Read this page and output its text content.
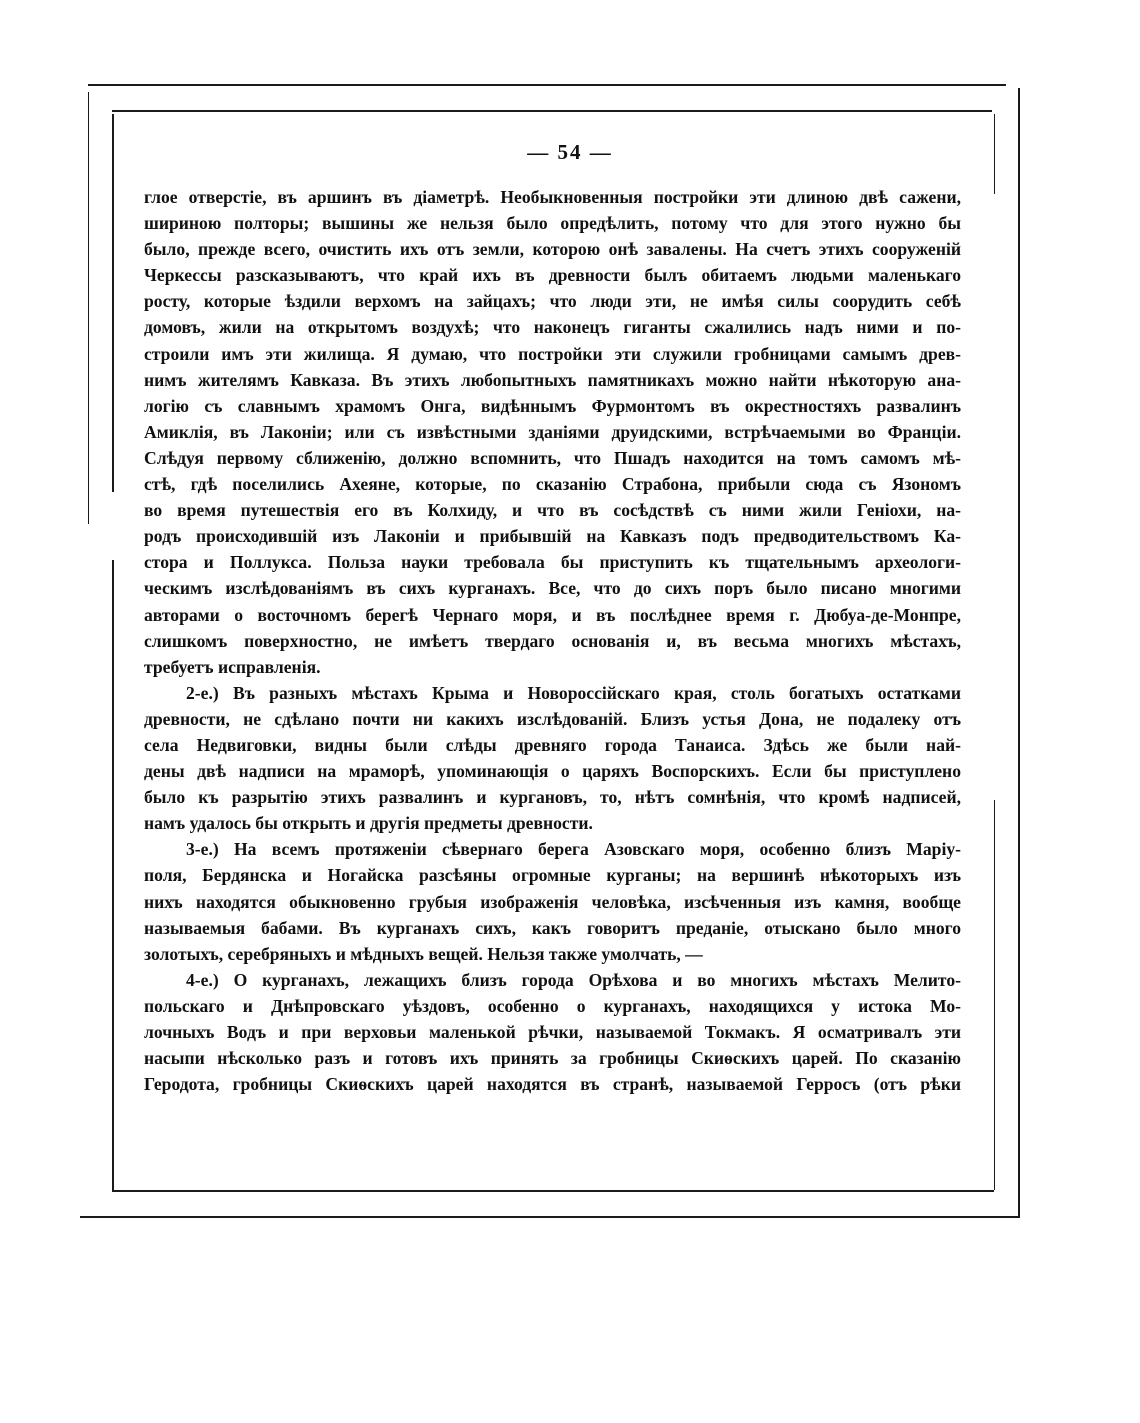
— 54 —

глое отверстіе, въ аршинъ въ діаметрѣ. Необыкновенныя постройки эти длиною двѣ сажени,
шириною полторы; вышины же нельзя было опредѣлить, потому что для этого нужно бы
было, прежде всего, очистить ихъ отъ земли, которою онѣ завалены. На счетъ этихъ сооруженій
Черкессы разсказываютъ, что край ихъ въ древности былъ обитаемъ людьми маленькаго
росту, которые ѣздили верхомъ на зайцахъ; что люди эти, не имѣя силы соорудить себѣ
домовъ, жили на открытомъ воздухѣ; что наконецъ гиганты сжалились надъ ними и по-
строили имъ эти жилища. Я думаю, что постройки эти служили гробницами самымъ древ-
нимъ жителямъ Кавказа. Въ этихъ любопытныхъ памятникахъ можно найти нѣкоторую ана-
логію съ славнымъ храмомъ Онга, видѣннымъ Фурмонтомъ въ окрестностяхъ развалинъ
Амиклія, въ Лаконіи; или съ извѣстными зданіями друидскими, встрѣчаемыми во Франціи.
Слѣдуя первому сближенію, должно вспомнить, что Пшадъ находится на томъ самомъ мѣ-
стѣ, гдѣ поселились Ахеяне, которые, по сказанію Страбона, прибыли сюда съ Язономъ
во время путешествія его въ Колхиду, и что въ сосѣдствѣ съ ними жили Геніохи, на-
родъ происходившій изъ Лаконіи и прибывшій на Кавказъ подъ предводительствомъ Ка-
стора и Поллукса. Польза науки требовала бы приступить къ тщательнымъ археологи-
ческимъ изслѣдованіямъ въ сихъ курганахъ. Все, что до сихъ поръ было писано многими
авторами о восточномъ берегѣ Чернаго моря, и въ послѣднее время г. Дюбуа-де-Монпре,
слишкомъ поверхностно, не имѣетъ твердаго основанія и, въ весьма многихъ мѣстахъ,
требуетъ исправленія.

2-е.) Въ разныхъ мѣстахъ Крыма и Новороссійскаго края, столь богатыхъ остатками
древности, не сдѣлано почти ни какихъ изслѣдованій. Близъ устья Дона, не подалеку отъ
села Недвиговки, видны были слѣды древняго города Танаиса. Здѣсь же были най-
дены двѣ надписи на мраморѣ, упоминающія о царяхъ Воспорскихъ. Если бы приступлено
было къ разрытію этихъ развалинъ и кургановъ, то, нѣтъ сомнѣнія, что кромѣ надписей,
намъ удалось бы открыть и другія предметы древности.

3-е.) На всемъ протяженіи сѣвернаго берега Азовскаго моря, особенно близъ Маріу-
поля, Бердянска и Ногайска разсѣяны огромные курганы; на вершинѣ нѣкоторыхъ изъ
нихъ находятся обыкновенно грубыя изображенія человѣка, изсѣченныя изъ камня, вообще
называемыя бабами. Въ курганахъ сихъ, какъ говоритъ преданіе, отыскано было много
золотыхъ, серебряныхъ и мѣдныхъ вещей. Нельзя также умолчать, —

4-е.) О курганахъ, лежащихъ близъ города Орѣхова и во многихъ мѣстахъ Мелито-
польскаго и Днѣпровскаго уѣздовъ, особенно о курганахъ, находящихся у истока Мо-
лочныхъ Водъ и при верховьи маленькой рѣчки, называемой Токмакъ. Я осматривалъ эти
насыпи нѣсколько разъ и готовъ ихъ принять за гробницы Скиѳскихъ царей. По сказанію
Геродота, гробницы Скиѳскихъ царей находятся въ странѣ, называемой Герросъ (отъ рѣки
